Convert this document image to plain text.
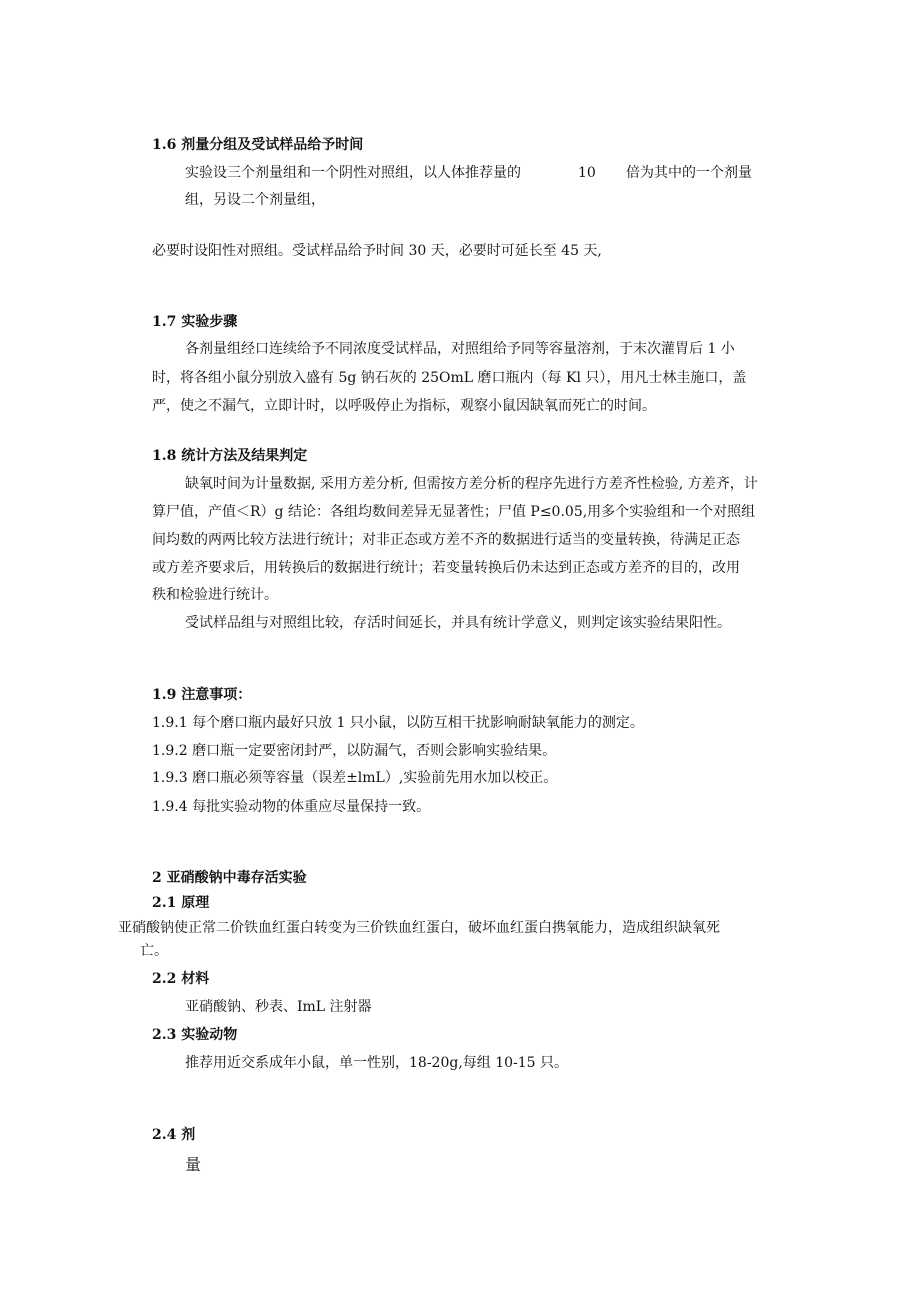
1.6 剂量分组及受试样品给予时间
实验设三个剂量组和一个阴性对照组，以人体推荐量的	10 倍为其中的一个剂量
组，另设二个剂量组，
必要时设阳性对照组。受试样品给予时间 30 天，必要时可延长至 45 天,
1.7 实验步骤
各剂量组经口连续给予不同浓度受试样品，对照组给予同等容量溶剂，于末次灌胃后 1 小
时，将各组小鼠分别放入盛有 5g 钠石灰的 25OmL 磨口瓶内（每 Kl 只），用凡士林圭施口，盖
严，使之不漏气，立即计时，以呼吸停止为指标，观察小鼠因缺氧而死亡的时间。
1.8 统计方法及结果判定
缺氧时间为计量数据, 采用方差分析, 但需按方差分析的程序先进行方差齐性检验, 方差齐，计
算尸值，产值＜R）g 结论：各组均数间差异无显著性；尸值 P≤0.05,用多个实验组和一个对照组
间均数的两两比较方法进行统计；对非正态或方差不齐的数据进行适当的变量转换，待满足正态
或方差齐要求后，用转换后的数据进行统计；若变量转换后仍未达到正态或方差齐的目的，改用
秩和检验进行统计。
受试样品组与对照组比较，存活时间延长，并具有统计学意义，则判定该实验结果阳性。
1.9 注意事项：
1.9.1 每个磨口瓶内最好只放 1 只小鼠，以防互相干扰影响耐缺氧能力的测定。
1.9.2 磨口瓶一定要密闭封严，以防漏气，否则会影响实验结果。
1.9.3 磨口瓶必须等容量（误差±lmL）,实验前先用水加以校正。
1.9.4 每批实验动物的体重应尽量保持一致。
2 亚硝酸钠中毒存活实验
2.1 原理
亚硝酸钠使正常二价铁血红蛋白转变为三价铁血红蛋白，破坏血红蛋白携氧能力，造成组织缺氧死
亡。
2.2 材料
亚硝酸钠、秒表、ImL 注射器
2.3 实验动物
推荐用近交系成年小鼠，单一性别，18-20g,每组 10-15 只。
2.4 剂
量
